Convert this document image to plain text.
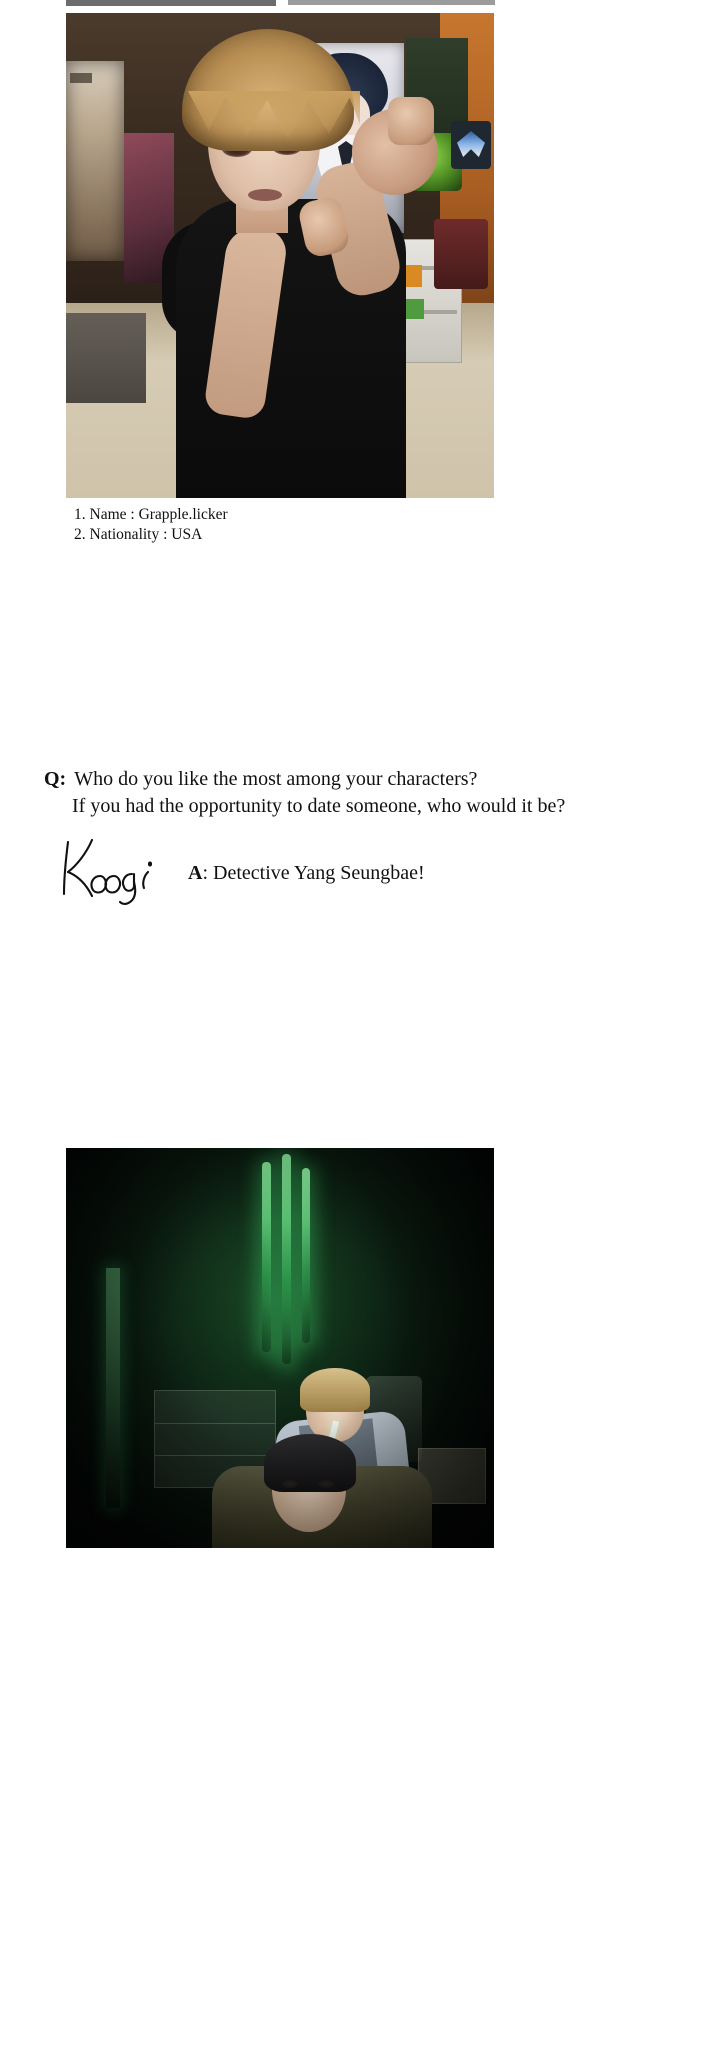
1. Name : Grapple.licker
2. Nationality : USA
Q: Who do you like the most among your characters?
If you had the opportunity to date someone, who would it be?
A: Detective Yang Seungbae!
